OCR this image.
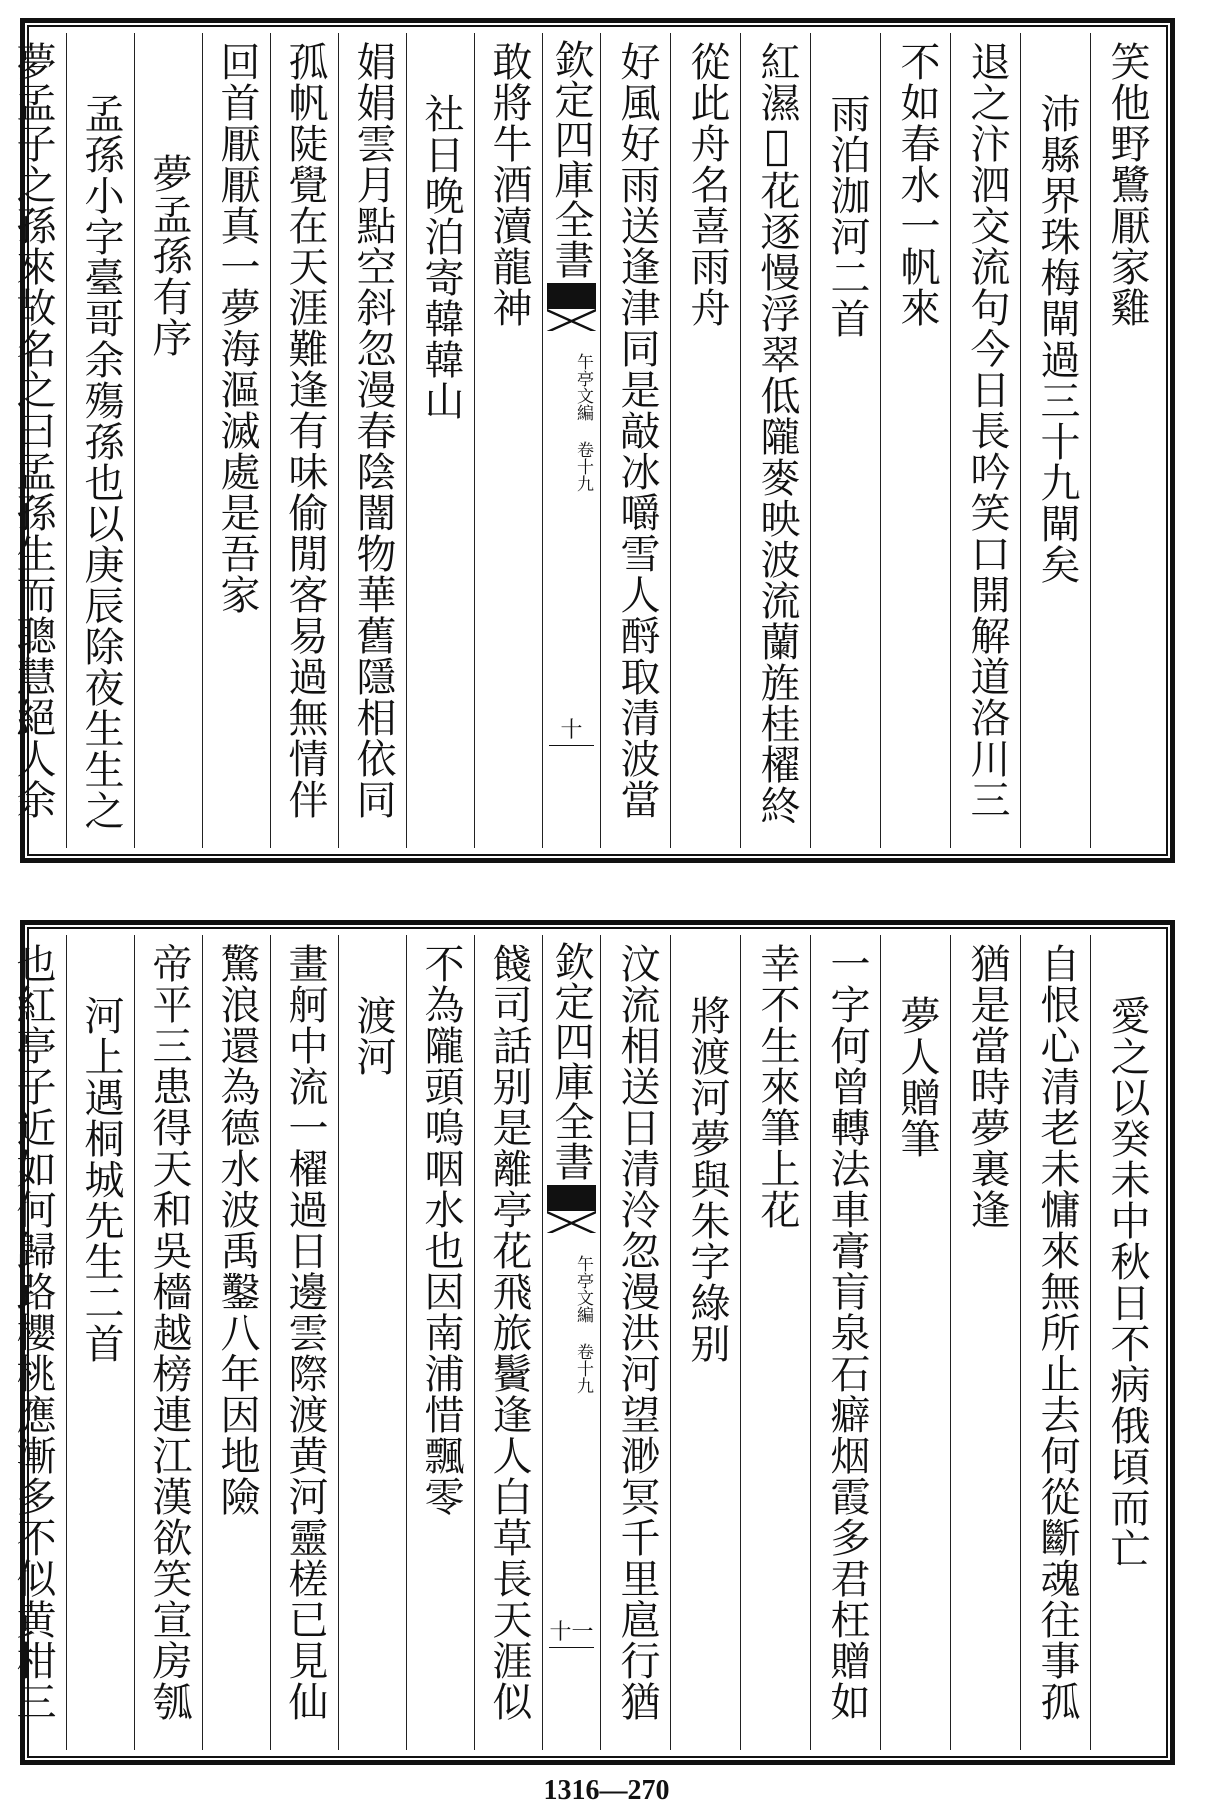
笑他野鷺厭家雞
沛縣界珠梅閘過三十九閘矣
退之汴泗交流句今日長吟笑口開解道洛川三
不如春水一帆來
雨泊泇河二首
紅濕𮣨花逐慢浮翠低隴麥映波流蘭旌桂櫂終
從此舟名喜雨舟
好風好雨送逢津同是敲冰嚼雪人酹取清波當
欽定四庫全書
午亭文編 卷十九
十
敢將牛酒瀆龍神
社日晚泊寄韓韓山
娟娟雲月點空斜忽漫春陰闇物華舊隱相依同
孤帆陡覺在天涯難逢有味偷閒客易過無情伴
回首厭厭真一夢海漚滅處是吾家
夢孟孫有序
孟孫小字臺哥余殤孫也以庚辰除夜生生之
夢孟子之孫來故名之曰孟孫生而聰慧絕人余
愛之以癸未中秋日不病俄頃而亡
自恨心清老未慵來無所止去何從斷魂往事孤
猶是當時夢裏逢
夢人贈筆
一字何曾轉法車膏肓泉石癖烟霞多君枉贈如
幸不生來筆上花
將渡河夢與朱字綠别
汶流相送日清泠忽漫洪河望渺冥千里扈行猶
欽定四庫全書
午亭文編 卷十九
十一
餞司話别是離亭花飛旅鬢逢人白草長天涯似
不為隴頭嗚咽水也因南浦惜飄零
渡河
畫舸中流一櫂過日邊雲際渡黄河靈槎已見仙
驚浪還為德水波禹鑿八年因地險
帝平三患得天和吳檣越榜連江漢欲笑宣房瓠
河上遇桐城先生二首
也紅亭子近如何歸路櫻桃應漸多不似黄柑三
1316—270
